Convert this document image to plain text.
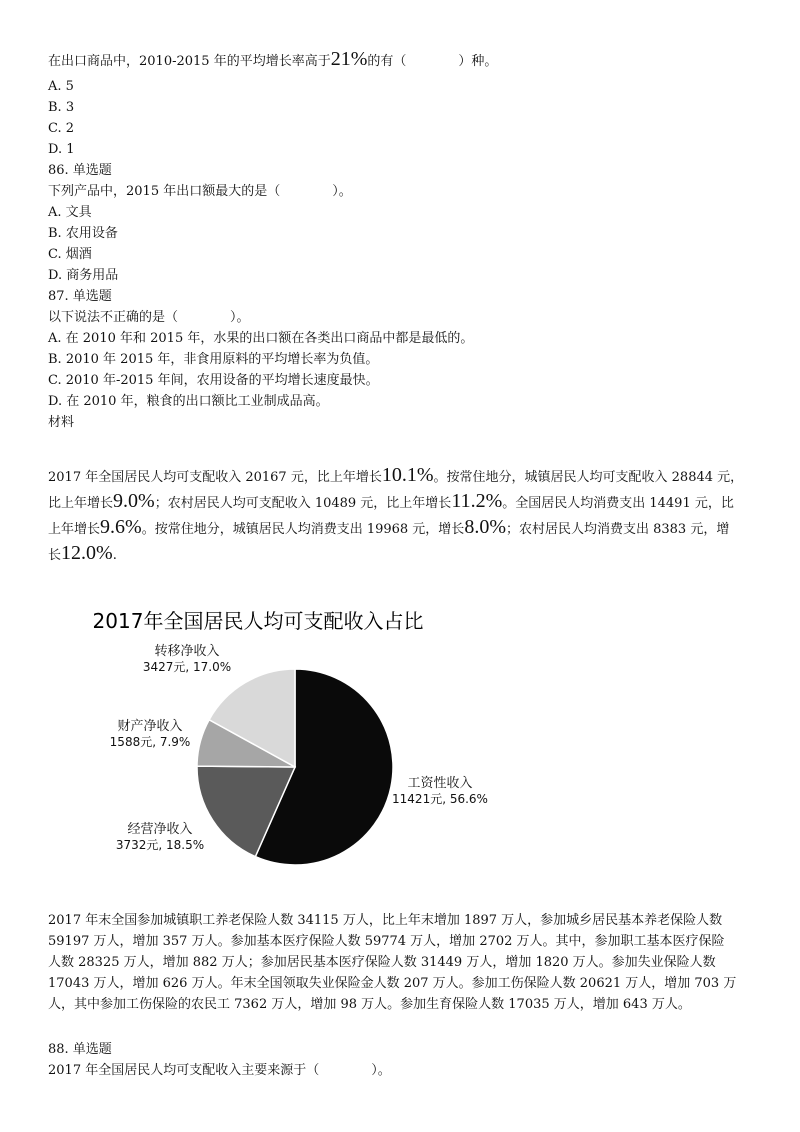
在出口商品中，2010-2015 年的平均增长率高于21%的有（　　　　）种。
A. 5
B. 3
C. 2
D. 1
86. 单选题
下列产品中，2015 年出口额最大的是（　　　　）。
A. 文具
B. 农用设备
C. 烟酒
D. 商务用品
87. 单选题
以下说法不正确的是（　　　　）。
A. 在 2010 年和 2015 年，水果的出口额在各类出口商品中都是最低的。
B. 2010 年 2015 年，非食用原料的平均增长率为负值。
C. 2010 年-2015 年间，农用设备的平均增长速度最快。
D. 在 2010 年，粮食的出口额比工业制成品高。
材料
2017 年全国居民人均可支配收入 20167 元，比上年增长10.1%。按常住地分，城镇居民人均可支配收入 28844 元，
比上年增长9.0%；农村居民人均可支配收入 10489 元，比上年增长11.2%。全国居民人均消费支出 14491 元，比
上年增长9.6%。按常住地分，城镇居民人均消费支出 19968 元，增长8.0%；农村居民人均消费支出 8383 元，增
长12.0%.
2017年全国居民人均可支配收入占比
工资性收入
11421元, 56.6%
经营净收入
3732元, 18.5%
财产净收入
1588元, 7.9%
转移净收入
3427元, 17.0%
2017 年末全国参加城镇职工养老保险人数 34115 万人，比上年末增加 1897 万人，参加城乡居民基本养老保险人数
59197 万人，增加 357 万人。参加基本医疗保险人数 59774 万人，增加 2702 万人。其中，参加职工基本医疗保险
人数 28325 万人，增加 882 万人；参加居民基本医疗保险人数 31449 万人，增加 1820 万人。参加失业保险人数
17043 万人，增加 626 万人。年末全国领取失业保险金人数 207 万人。参加工伤保险人数 20621 万人，增加 703 万
人，其中参加工伤保险的农民工 7362 万人，增加 98 万人。参加生育保险人数 17035 万人，增加 643 万人。
88. 单选题
2017 年全国居民人均可支配收入主要来源于（　　　　）。
